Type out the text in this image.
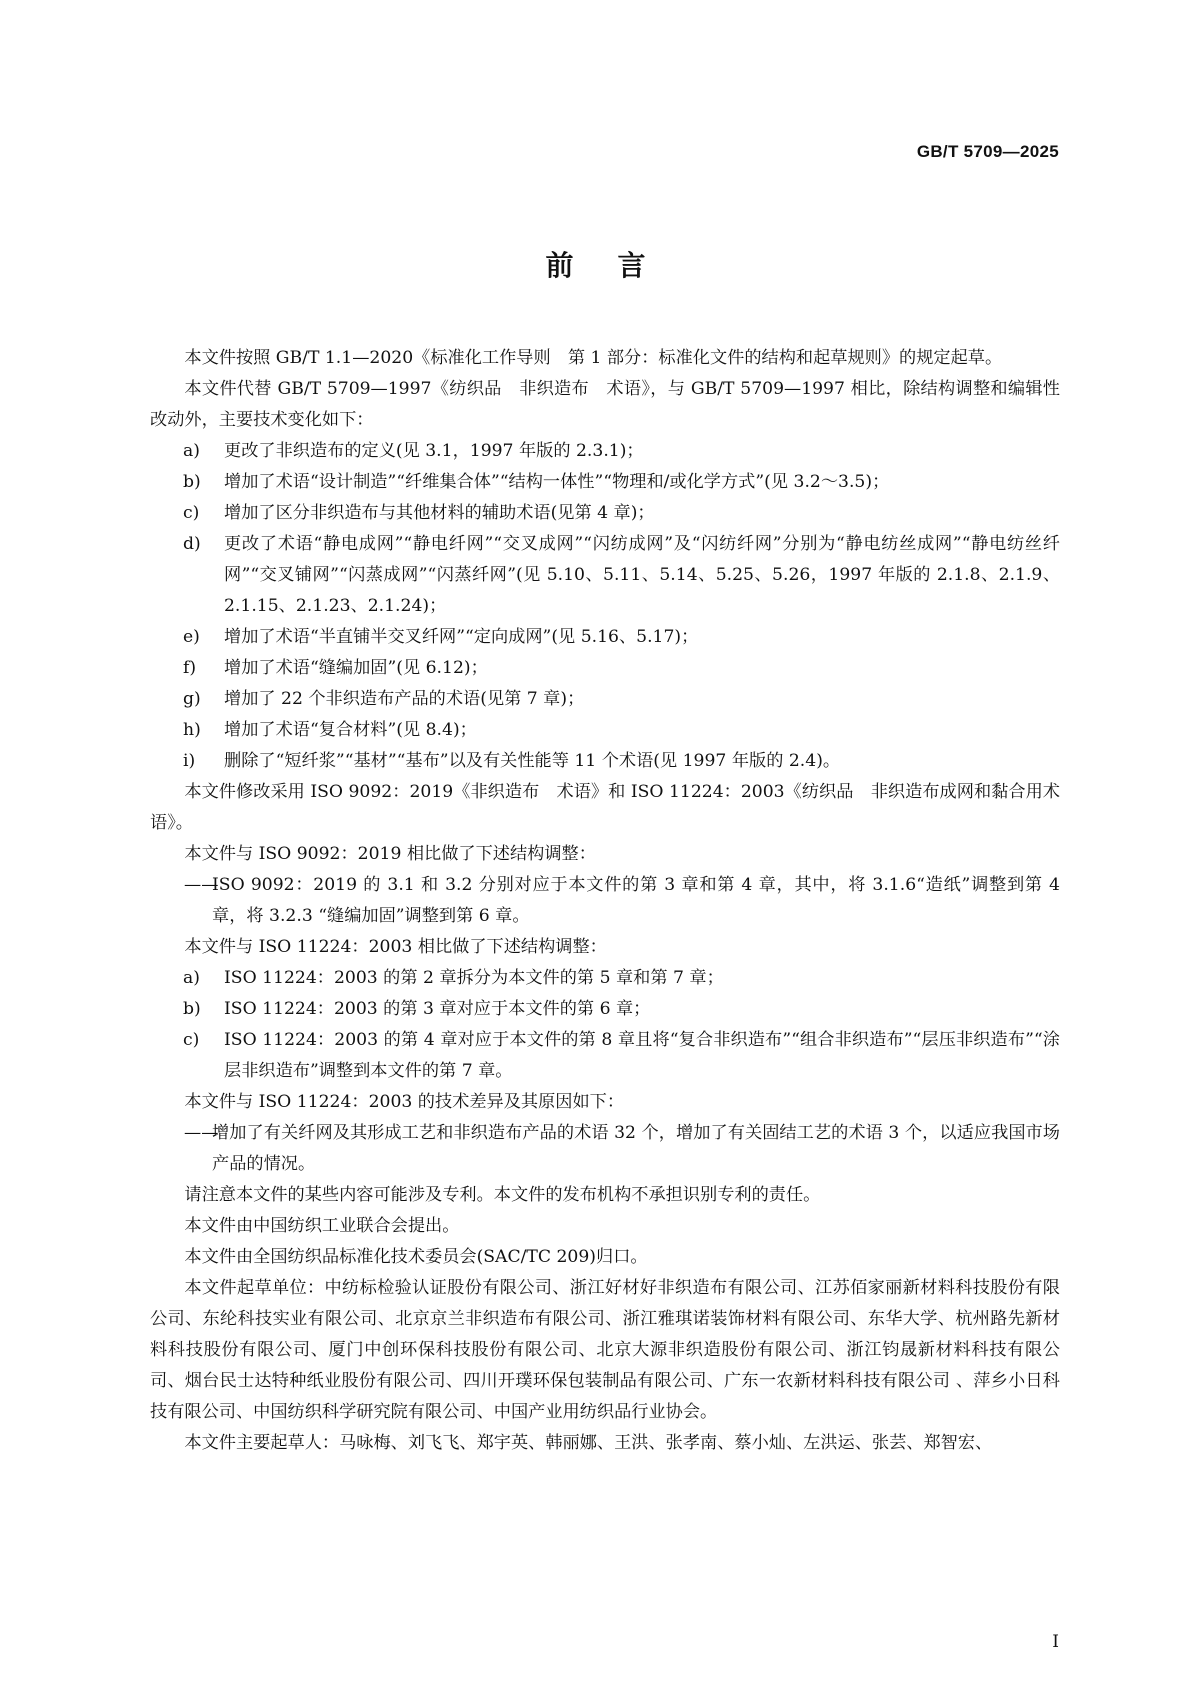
GB/T 5709—2025
前言

本文件按照 GB/T 1.1—2020《标准化工作导则　第 1 部分：标准化文件的结构和起草规则》的规定起草。

本文件代替 GB/T 5709—1997《纺织品　非织造布　术语》，与 GB/T 5709—1997 相比，除结构调整和编辑性改动外，主要技术变化如下：

a) 更改了非织造布的定义(见 3.1，1997 年版的 2.3.1)；

b) 增加了术语“设计制造”“纤维集合体”“结构一体性”“物理和/或化学方式”(见 3.2～3.5)；

c) 增加了区分非织造布与其他材料的辅助术语(见第 4 章)；

d) 更改了术语“静电成网”“静电纤网”“交叉成网”“闪纺成网”及“闪纺纤网”分别为“静电纺丝成网”“静电纺丝纤网”“交叉铺网”“闪蒸成网”“闪蒸纤网”(见 5.10、5.11、5.14、5.25、5.26，1997 年版的 2.1.8、2.1.9、2.1.15、2.1.23、2.1.24)；

e) 增加了术语“半直铺半交叉纤网”“定向成网”(见 5.16、5.17)；

f) 增加了术语“缝编加固”(见 6.12)；

g) 增加了 22 个非织造布产品的术语(见第 7 章)；

h) 增加了术语“复合材料”(见 8.4)；

i) 删除了“短纤浆”“基材”“基布”以及有关性能等 11 个术语(见 1997 年版的 2.4)。

本文件修改采用 ISO 9092：2019《非织造布　术语》和 ISO 11224：2003《纺织品　非织造布成网和黏合用术语》。

本文件与 ISO 9092：2019 相比做了下述结构调整：

——
ISO 9092：2019 的 3.1 和 3.2 分别对应于本文件的第 3 章和第 4 章，其中，将 3.1.6“造纸”调整到第 4 章，将 3.2.3 “缝编加固”调整到第 6 章。

本文件与 ISO 11224：2003 相比做了下述结构调整：

a) ISO 11224：2003 的第 2 章拆分为本文件的第 5 章和第 7 章；

b) ISO 11224：2003 的第 3 章对应于本文件的第 6 章；

c) ISO 11224：2003 的第 4 章对应于本文件的第 8 章且将“复合非织造布”“组合非织造布”“层压非织造布”“涂层非织造布”调整到本文件的第 7 章。

本文件与 ISO 11224：2003 的技术差异及其原因如下：

——
增加了有关纤网及其形成工艺和非织造布产品的术语 32 个，增加了有关固结工艺的术语 3 个，以适应我国市场产品的情况。

请注意本文件的某些内容可能涉及专利。本文件的发布机构不承担识别专利的责任。

本文件由中国纺织工业联合会提出。

本文件由全国纺织品标准化技术委员会(SAC/TC 209)归口。

本文件起草单位：中纺标检验认证股份有限公司、浙江好材好非织造布有限公司、江苏佰家丽新材料科技股份有限公司、东纶科技实业有限公司、北京京兰非织造布有限公司、浙江雅琪诺装饰材料有限公司、东华大学、杭州路先新材料科技股份有限公司、厦门中创环保科技股份有限公司、北京大源非织造股份有限公司、浙江钧晟新材料科技有限公司、烟台民士达特种纸业股份有限公司、四川开璞环保包装制品有限公司、广东一农新材料科技有限公司 、萍乡小日科技有限公司、中国纺织科学研究院有限公司、中国产业用纺织品行业协会。

本文件主要起草人：马咏梅、刘飞飞、郑宇英、韩丽娜、王洪、张孝南、蔡小灿、左洪运、张芸、郑智宏、

I
